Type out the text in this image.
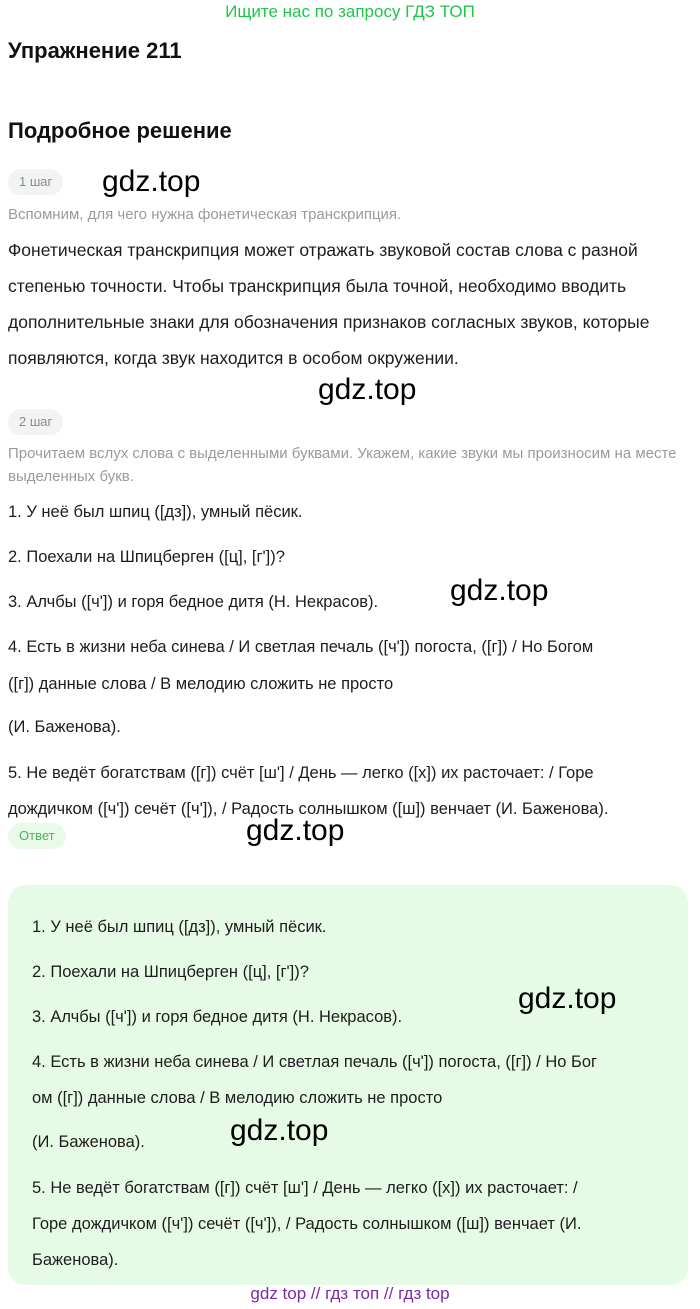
Ищите нас по запросу ГДЗ ТОП
Упражнение 211
Подробное решение
1 шаг	gdz.top
Вспомним, для чего нужна фонетическая транскрипция.
Фонетическая транскрипция может отражать звуковой состав слова с разной степенью точности. Чтобы транскрипция была точной, необходимо вводить дополнительные знаки для обозначения признаков согласных звуков, которые появляются, когда звук находится в особом окружении.
gdz.top
2 шаг
Прочитаем вслух слова с выделенными буквами. Укажем, какие звуки мы произносим на месте выделенных букв.
1. У неё был шпиц ([дз]), умный пёсик.
2. Поехали на Шпицберген ([ц], [г'])?
3. Алчбы ([ч']) и горя бедное дитя (Н. Некрасов). gdz.top
4. Есть в жизни неба синева / И светлая печаль ([ч']) погоста, ([г]) / Но Богом
([г]) данные слова / В мелодию сложить не просто
(И. Баженова).
5. Не ведёт богатствам ([г]) счёт [ш'] / День — легко ([х]) их расточает: / Горе
дождичком ([ч']) сечёт ([ч']), / Радость солнышком ([ш]) венчает (И. Баженова).
Ответ	gdz.top
1. У неё был шпиц ([дз]), умный пёсик.
2. Поехали на Шпицберген ([ц], [г'])?
gdz.top
3. Алчбы ([ч']) и горя бедное дитя (Н. Некрасов).
4. Есть в жизни неба синева / И светлая печаль ([ч']) погоста, ([г]) / Но Бог
ом ([г]) данные слова / В мелодию сложить не просто
gdz.top
(И. Баженова).
5. Не ведёт богатствам ([г]) счёт [ш'] / День — легко ([х]) их расточает: /
Горе дождичком ([ч']) сечёт ([ч']), / Радость солнышком ([ш]) венчает (И.
Баженова).
gdz top // гдз топ // гдз top
